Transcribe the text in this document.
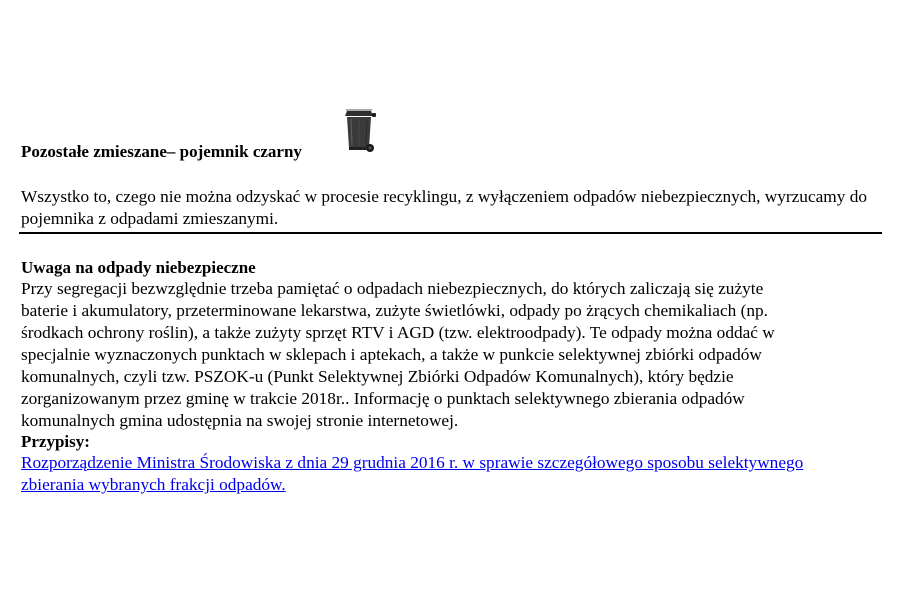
Pozostałe zmieszane– pojemnik czarny

Wszystko to, czego nie można odzyskać w procesie recyklingu, z wyłączeniem odpadów niebezpiecznych, wyrzucamy do pojemnika z odpadami zmieszanymi.

Uwaga na odpady niebezpieczne

Przy segregacji bezwzględnie trzeba pamiętać o odpadach niebezpiecznych, do których zaliczają się zużyte
baterie i akumulatory, przeterminowane lekarstwa, zużyte świetlówki, odpady po żrących chemikaliach (np.
środkach ochrony roślin), a także zużyty sprzęt RTV i AGD (tzw. elektroodpady). Te odpady można oddać w
specjalnie wyznaczonych punktach w sklepach i aptekach, a także w punkcie selektywnej zbiórki odpadów
komunalnych, czyli tzw. PSZOK-u (Punkt Selektywnej Zbiórki Odpadów Komunalnych), który będzie
zorganizowanym przez gminę w trakcie 2018r.. Informację o punktach selektywnego zbierania odpadów
komunalnych gmina udostępnia na swojej stronie internetowej.

Przypisy:
Rozporządzenie Ministra Środowiska z dnia 29 grudnia 2016 r. w sprawie szczegółowego sposobu selektywnego
zbierania wybranych frakcji odpadów.
